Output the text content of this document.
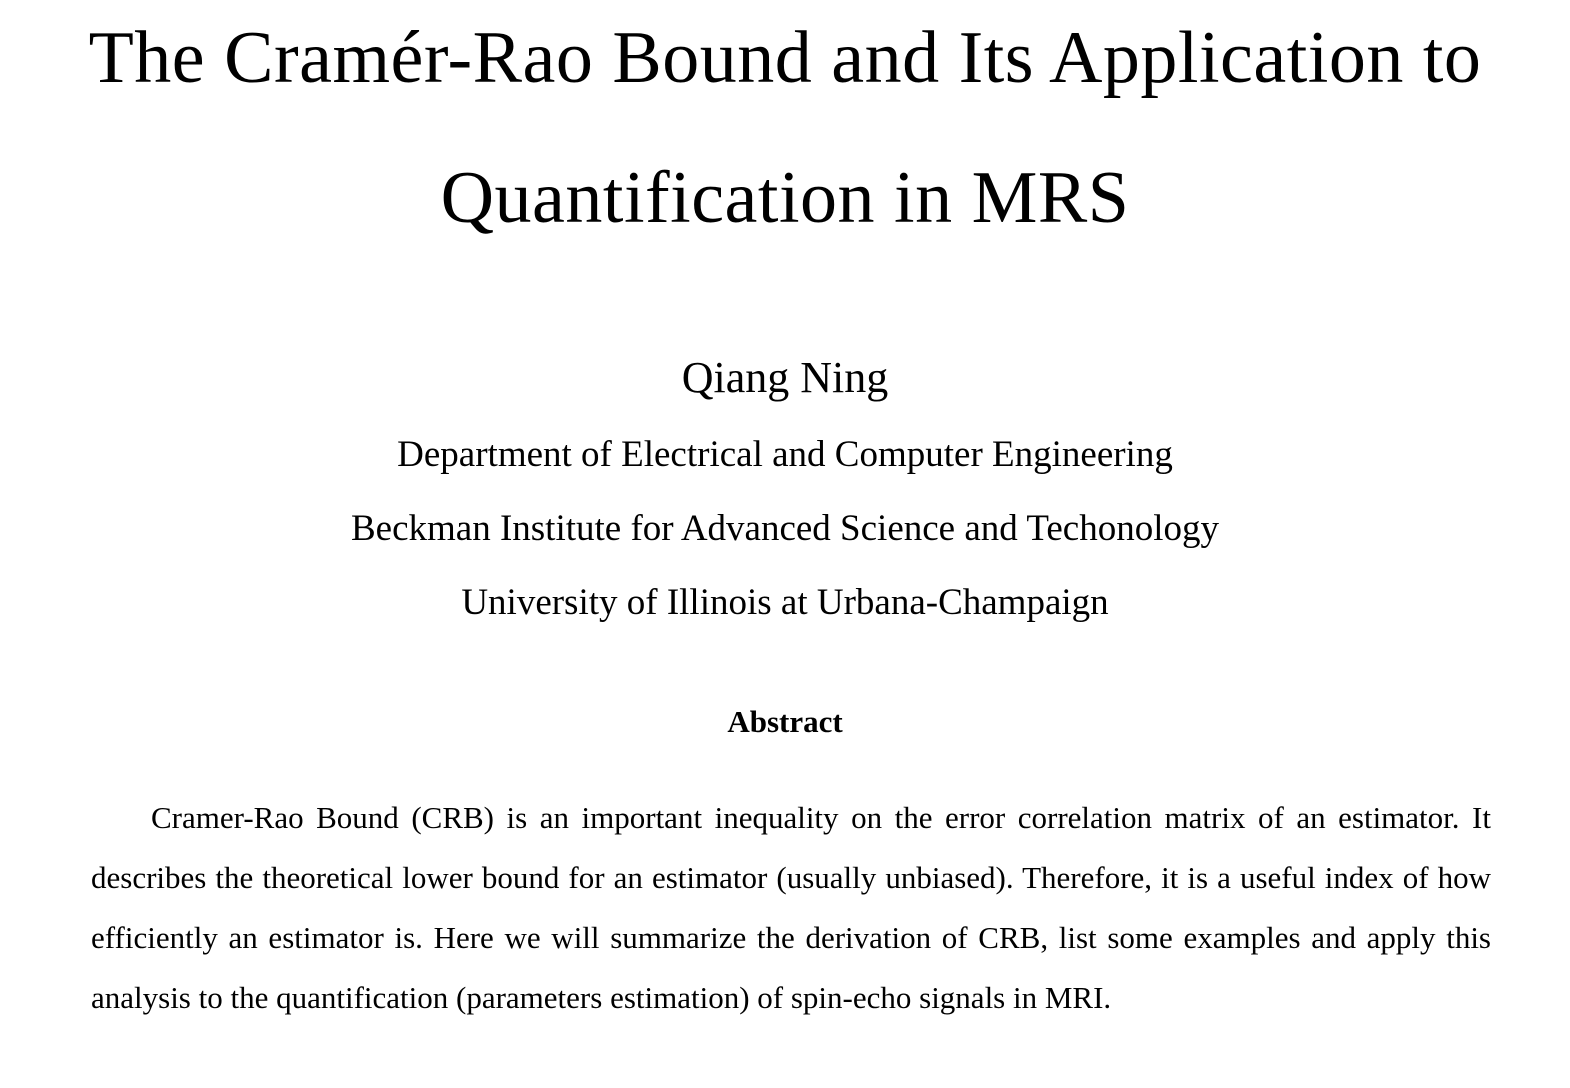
The Cramér-Rao Bound and Its Application to
Quantification in MRS
Qiang Ning
Department of Electrical and Computer Engineering
Beckman Institute for Advanced Science and Techonology
University of Illinois at Urbana-Champaign
Abstract

Cramer-Rao Bound (CRB) is an important inequality on the error correlation matrix of an estimator. It describes the theoretical lower bound for an estimator (usually unbiased). Therefore, it is a useful index of how efficiently an estimator is. Here we will summarize the derivation of CRB, list some examples and apply this analysis to the quantification (parameters estimation) of spin-echo signals in MRI.
